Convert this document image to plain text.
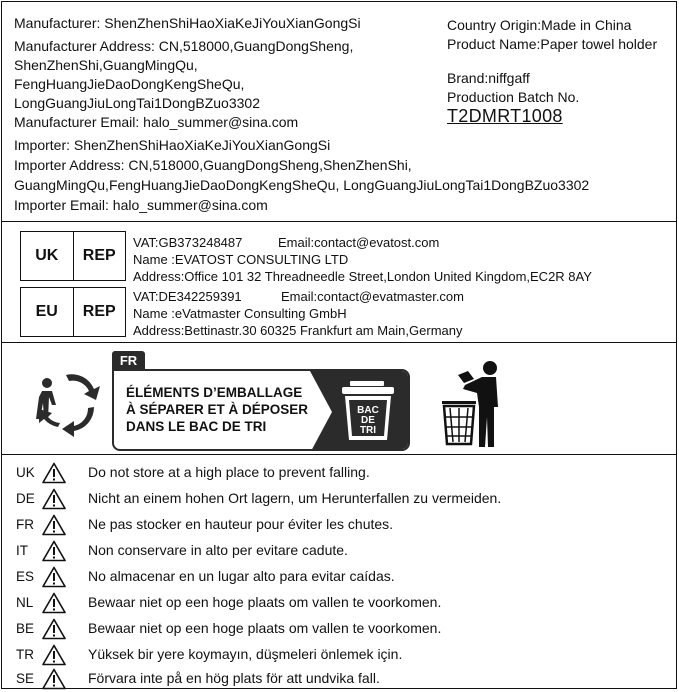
Manufacturer: ShenZhenShiHaoXiaKeJiYouXianGongSi
Manufacturer Address: CN,518000,GuangDongSheng,
ShenZhenShi,GuangMingQu,
FengHuangJieDaoDongKengSheQu,
LongGuangJiuLongTai1DongBZuo3302
Manufacturer Email: halo_summer@sina.com
Country Origin:Made in China
Product Name:Paper towel holder
Brand:niffgaff
Production Batch No.
T2DMRT1008
Importer: ShenZhenShiHaoXiaKeJiYouXianGongSi
Importer Address: CN,518000,GuangDongSheng,ShenZhenShi,
GuangMingQu,FengHuangJieDaoDongKengSheQu, LongGuangJiuLongTai1DongBZuo3302
Importer Email: halo_summer@sina.com
UK	REP
VAT:GB373248487	Email:contact@evatost.com
Name :EVATOST CONSULTING LTD
Address:Office 101 32 Threadneedle Street,London United Kingdom,EC2R 8AY
EU	REP
VAT:DE342259391	Email:contact@evatmaster.com
Name :eVatmaster Consulting GmbH
Address:Bettinastr.30 60325 Frankfurt am Main,Germany
FR
ÉLÉMENTS D’EMBALLAGE
À SÉPARER ET À DÉPOSER
DANS LE BAC DE TRI
BAC
DE
TRI
UK	Do not store at a high place to prevent falling.
DE	Nicht an einem hohen Ort lagern, um Herunterfallen zu vermeiden.
FR	Ne pas stocker en hauteur pour éviter les chutes.
IT	Non conservare in alto per evitare cadute.
ES	No almacenar en un lugar alto para evitar caídas.
NL	Bewaar niet op een hoge plaats om vallen te voorkomen.
BE	Bewaar niet op een hoge plaats om vallen te voorkomen.
TR	Yüksek bir yere koymayın, düşmeleri önlemek için.
SE	Förvara inte på en hög plats för att undvika fall.
